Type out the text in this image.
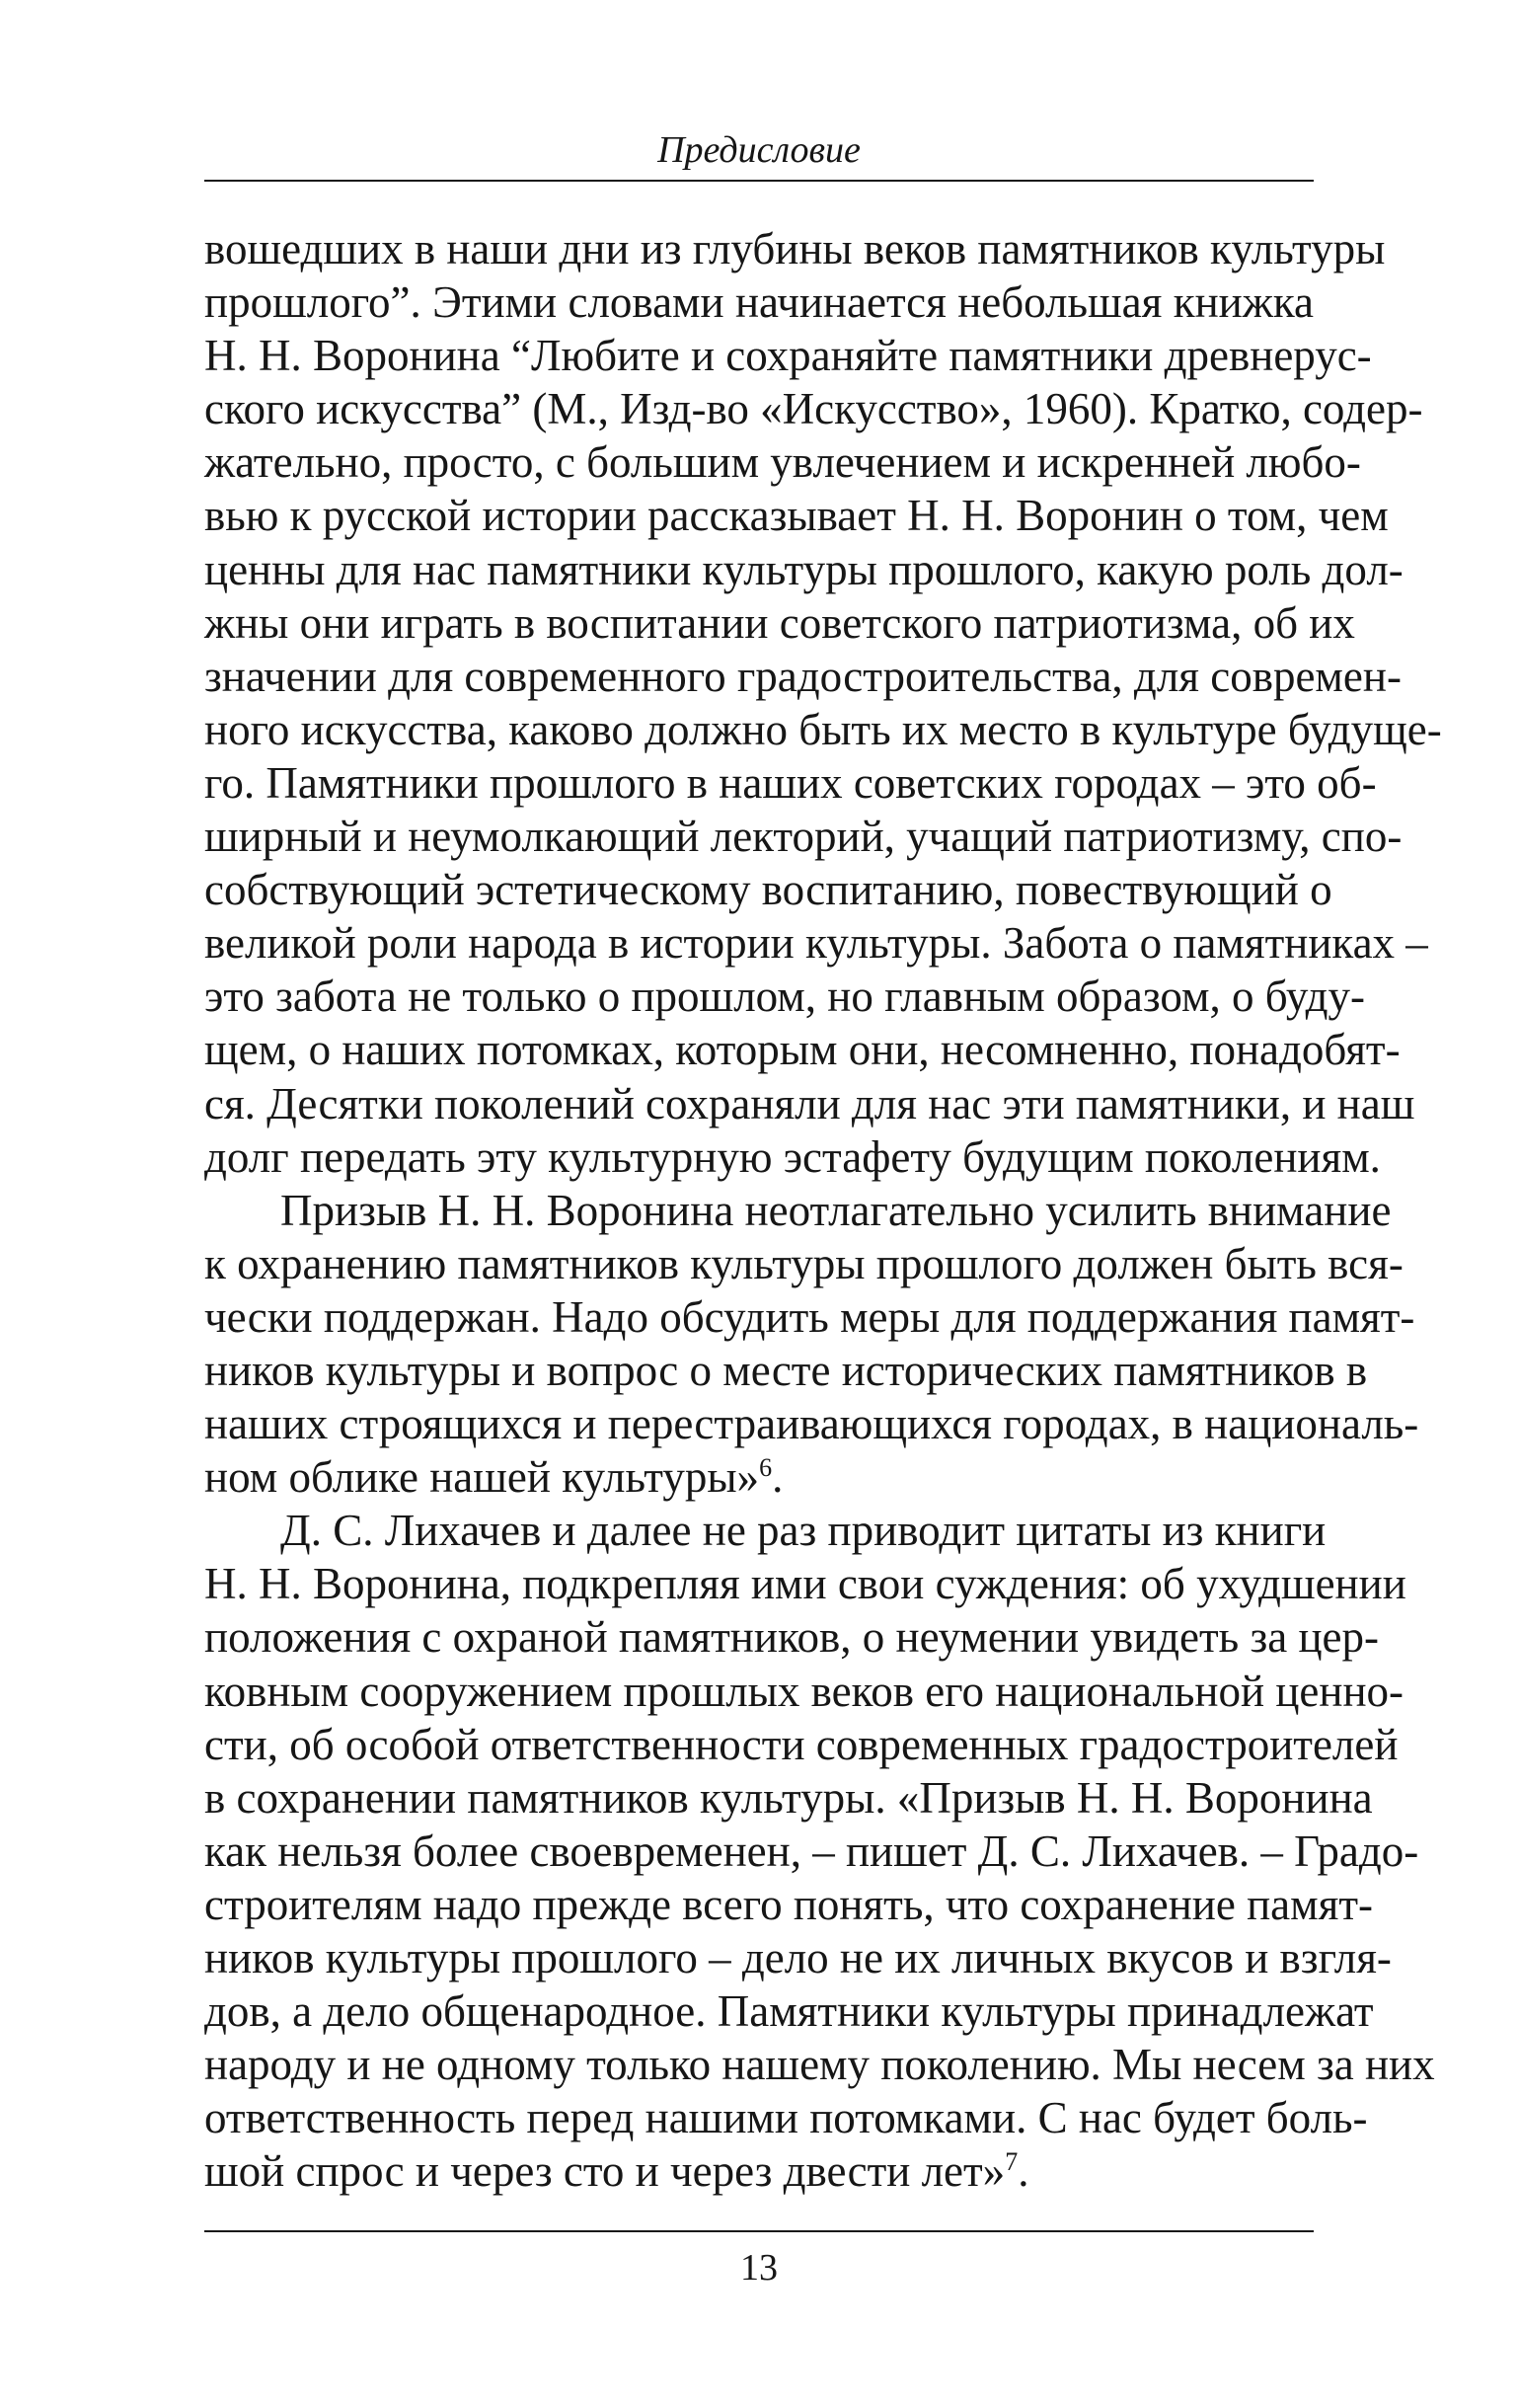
Предисловие
вошедших в наши дни из глубины веков памятников культуры
прошлого”. Этими словами начинается небольшая книжка
Н. Н. Воронина “Любите и сохраняйте памятники древнерус-
ского искусства” (М., Изд-во «Искусство», 1960). Кратко, содер-
жательно, просто, с большим увлечением и искренней любо-
вью к русской истории рассказывает Н. Н. Воронин о том, чем
ценны для нас памятники культуры прошлого, какую роль дол-
жны они играть в воспитании советского патриотизма, об их
значении для современного градостроительства, для современ-
ного искусства, каково должно быть их место в культуре будуще-
го. Памятники прошлого в наших советских городах – это об-
ширный и неумолкающий лекторий, учащий патриотизму, спо-
собствующий эстетическому воспитанию, повествующий о
великой роли народа в истории культуры. Забота о памятниках –
это забота не только о прошлом, но главным образом, о буду-
щем, о наших потомках, которым они, несомненно, понадобят-
ся. Десятки поколений сохраняли для нас эти памятники, и наш
долг передать эту культурную эстафету будущим поколениям.
Призыв Н. Н. Воронина неотлагательно усилить внимание
к охранению памятников культуры прошлого должен быть вся-
чески поддержан. Надо обсудить меры для поддержания памят-
ников культуры и вопрос о месте исторических памятников в
наших строящихся и перестраивающихся городах, в националь-
ном облике нашей культуры»$^6$.
Д. С. Лихачев и далее не раз приводит цитаты из книги
Н. Н. Воронина, подкрепляя ими свои суждения: об ухудшении
положения с охраной памятников, о неумении увидеть за цер-
ковным сооружением прошлых веков его национальной ценно-
сти, об особой ответственности современных градостроителей
в сохранении памятников культуры. «Призыв Н. Н. Воронина
как нельзя более своевременен, – пишет Д. С. Лихачев. – Градо-
строителям надо прежде всего понять, что сохранение памят-
ников культуры прошлого – дело не их личных вкусов и взгля-
дов, а дело общенародное. Памятники культуры принадлежат
народу и не одному только нашему поколению. Мы несем за них
ответственность перед нашими потомками. С нас будет боль-
шой спрос и через сто и через двести лет»$^7$.
13
